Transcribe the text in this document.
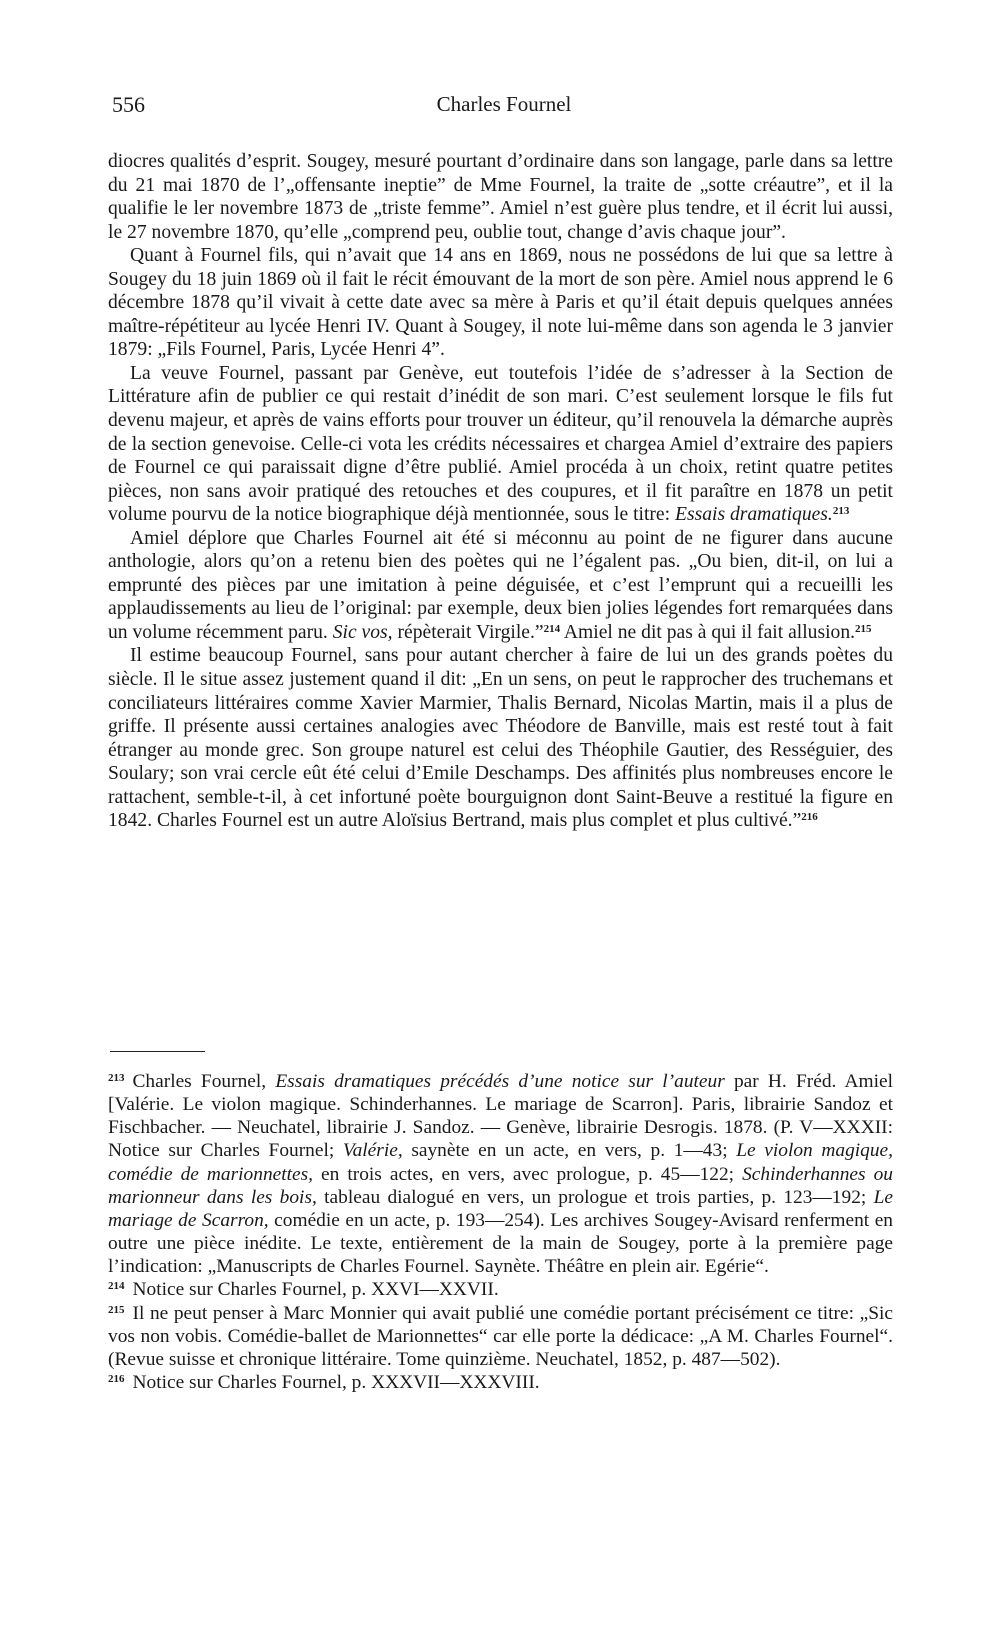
556	Charles Fournel

diocres qualités d’esprit. Sougey, mesuré pourtant d’ordinaire dans son langage, parle dans sa lettre du 21 mai 1870 de l’„offensante ineptie” de Mme Fournel, la traite de „sotte créautre”, et il la qualifie le ler novembre 1873 de „triste femme”. Amiel n’est guère plus tendre, et il écrit lui aussi, le 27 novembre 1870, qu’elle „comprend peu, oublie tout, change d’avis chaque jour”.

Quant à Fournel fils, qui n’avait que 14 ans en 1869, nous ne possédons de lui que sa lettre à Sougey du 18 juin 1869 où il fait le récit émouvant de la mort de son père. Amiel nous apprend le 6 décembre 1878 qu’il vivait à cette date avec sa mère à Paris et qu’il était depuis quelques années maître-répétiteur au lycée Henri IV. Quant à Sougey, il note lui-même dans son agenda le 3 janvier 1879: „Fils Fournel, Paris, Lycée Henri 4”.

La veuve Fournel, passant par Genève, eut toutefois l’idée de s’adresser à la Section de Littérature afin de publier ce qui restait d’inédit de son mari. C’est seulement lorsque le fils fut devenu majeur, et après de vains efforts pour trouver un éditeur, qu’il renouvela la démarche auprès de la section genevoise. Celle-ci vota les crédits nécessaires et chargea Amiel d’extraire des papiers de Fournel ce qui paraissait digne d’être publié. Amiel procéda à un choix, retint quatre petites pièces, non sans avoir pratiqué des retouches et des coupures, et il fit paraître en 1878 un petit volume pourvu de la notice biographique déjà mentionnée, sous le titre: Essais dramatiques.$^{213}$

Amiel déplore que Charles Fournel ait été si méconnu au point de ne figurer dans aucune anthologie, alors qu’on a retenu bien des poètes qui ne l’égalent pas. „Ou bien, dit-il, on lui a emprunté des pièces par une imitation à peine déguisée, et c’est l’emprunt qui a recueilli les applaudissements au lieu de l’original: par exemple, deux bien jolies légendes fort remarquées dans un volume récemment paru. Sic vos, répèterait Virgile.”$^{214}$ Amiel ne dit pas à qui il fait allusion.$^{215}$

Il estime beaucoup Fournel, sans pour autant chercher à faire de lui un des grands poètes du siècle. Il le situe assez justement quand il dit: „En un sens, on peut le rapprocher des truchemans et conciliateurs littéraires comme Xavier Marmier, Thalis Bernard, Nicolas Martin, mais il a plus de griffe. Il présente aussi certaines analogies avec Théodore de Banville, mais est resté tout à fait étranger au monde grec. Son groupe naturel est celui des Théophile Gautier, des Rességuier, des Soulary; son vrai cercle eût été celui d’Emile Deschamps. Des affinités plus nombreuses encore le rattachent, semble-t-il, à cet infortuné poète bourguignon dont Saint-Beuve a restitué la figure en 1842. Charles Fournel est un autre Aloïsius Bertrand, mais plus complet et plus cultivé.”$^{216}$

$^{213}$ Charles Fournel, Essais dramatiques précédés d’une notice sur l’auteur par H. Fréd. Amiel [Valérie. Le violon magique. Schinderhannes. Le mariage de Scarron]. Paris, librairie Sandoz et Fischbacher. — Neuchatel, librairie J. Sandoz. — Genève, librairie Desrogis. 1878. (P. V—XXXII: Notice sur Charles Fournel; Valérie, saynète en un acte, en vers, p. 1—43; Le violon magique, comédie de marionnettes, en trois actes, en vers, avec prologue, p. 45—122; Schinderhannes ou marionneur dans les bois, tableau dialogué en vers, un prologue et trois parties, p. 123—192; Le mariage de Scarron, comédie en un acte, p. 193—254). Les archives Sougey-Avisard renferment en outre une pièce inédite. Le texte, entièrement de la main de Sougey, porte à la première page l’indication: „Manuscripts de Charles Fournel. Saynète. Théâtre en plein air. Egérie“.

$^{214}$ Notice sur Charles Fournel, p. XXVI—XXVII.

$^{215}$ Il ne peut penser à Marc Monnier qui avait publié une comédie portant précisément ce titre: „Sic vos non vobis. Comédie-ballet de Marionnettes“ car elle porte la dédicace: „A M. Charles Fournel“. (Revue suisse et chronique littéraire. Tome quinzième. Neuchatel, 1852, p. 487—502).

$^{216}$ Notice sur Charles Fournel, p. XXXVII—XXXVIII.
